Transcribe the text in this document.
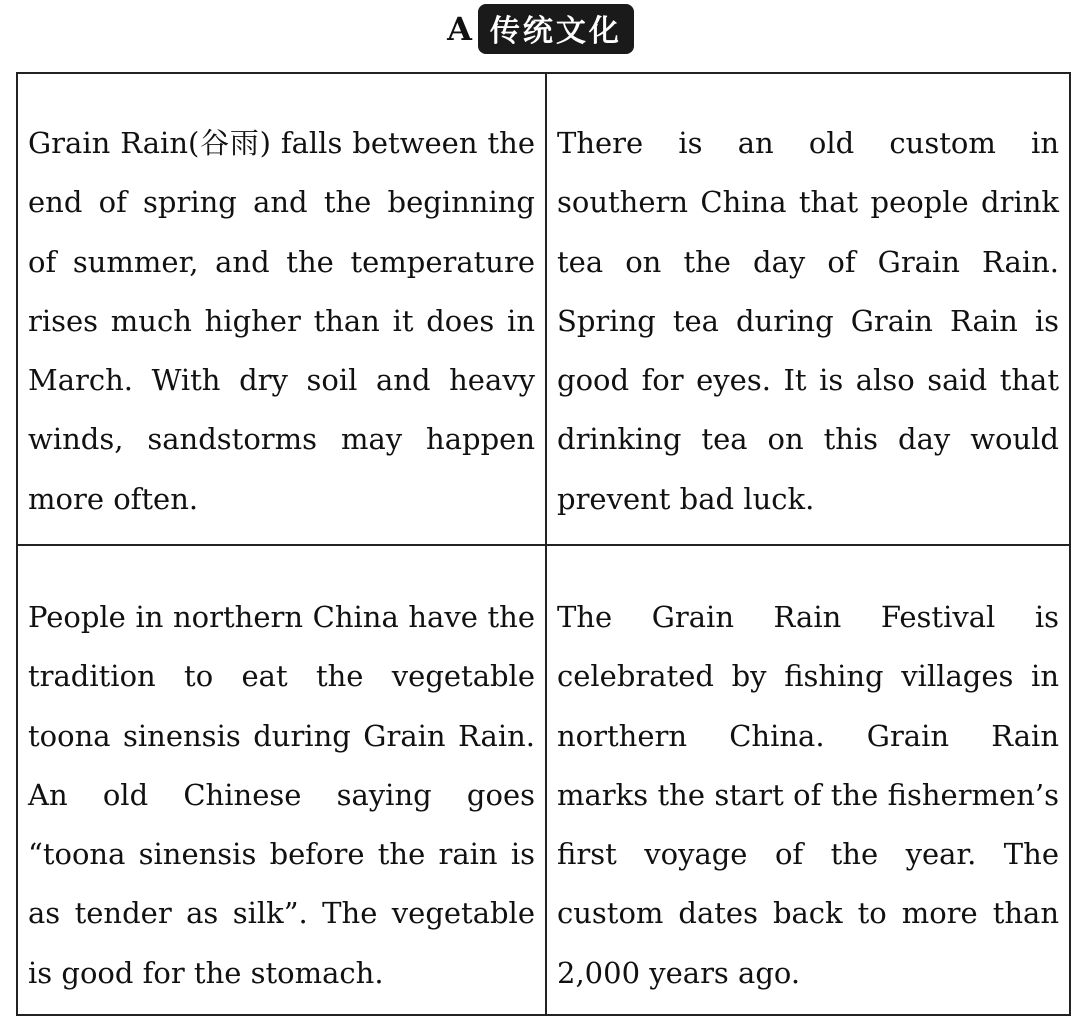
A 传统文化

Grain Rain(谷雨) falls between the end of spring and the beginning of summer, and the temperature rises much higher than it does in March. With dry soil and heavy winds, sandstorms may happen more often.

There is an old custom in southern China that people drink tea on the day of Grain Rain. Spring tea during Grain Rain is good for eyes. It is also said that drinking tea on this day would prevent bad luck.

People in northern China have the tradition to eat the vegetable toona sinensis during Grain Rain. An old Chinese saying goes “toona sinensis before the rain is as tender as silk”. The vegetable is good for the stomach.

The Grain Rain Festival is celebrated by fishing villages in northern China. Grain Rain marks the start of the fishermen’s first voyage of the year. The custom dates back to more than 2,000 years ago.
